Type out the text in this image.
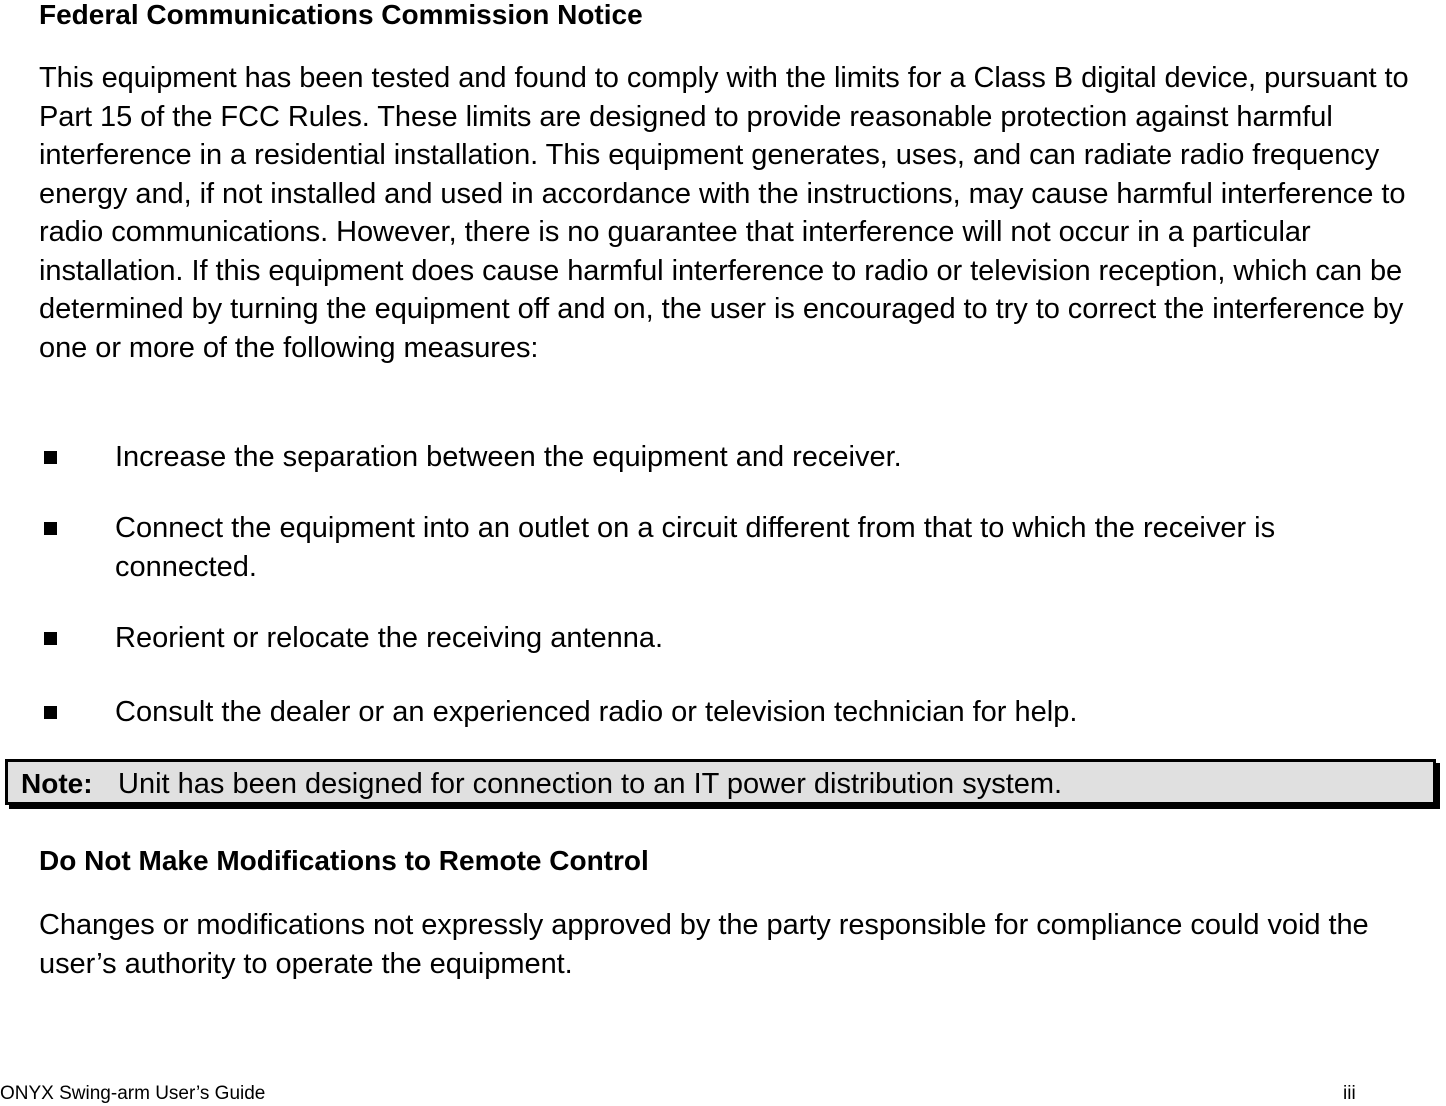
Federal Communications Commission Notice

This equipment has been tested and found to comply with the limits for a Class B digital device, pursuant to Part 15 of the FCC Rules. These limits are designed to provide reasonable protection against harmful interference in a residential installation. This equipment generates, uses, and can radiate radio frequency energy and, if not installed and used in accordance with the instructions, may cause harmful interference to radio communications. However, there is no guarantee that interference will not occur in a particular installation. If this equipment does cause harmful interference to radio or television reception, which can be determined by turning the equipment off and on, the user is encouraged to try to correct the interference by one or more of the following measures:

Increase the separation between the equipment and receiver.

Connect the equipment into an outlet on a circuit different from that to which the receiver is connected.

Reorient or relocate the receiving antenna.

Consult the dealer or an experienced radio or television technician for help.

Note: Unit has been designed for connection to an IT power distribution system.
Do Not Make Modifications to Remote Control

Changes or modifications not expressly approved by the party responsible for compliance could void the user’s authority to operate the equipment.

ONYX Swing-arm User’s Guide	iii
